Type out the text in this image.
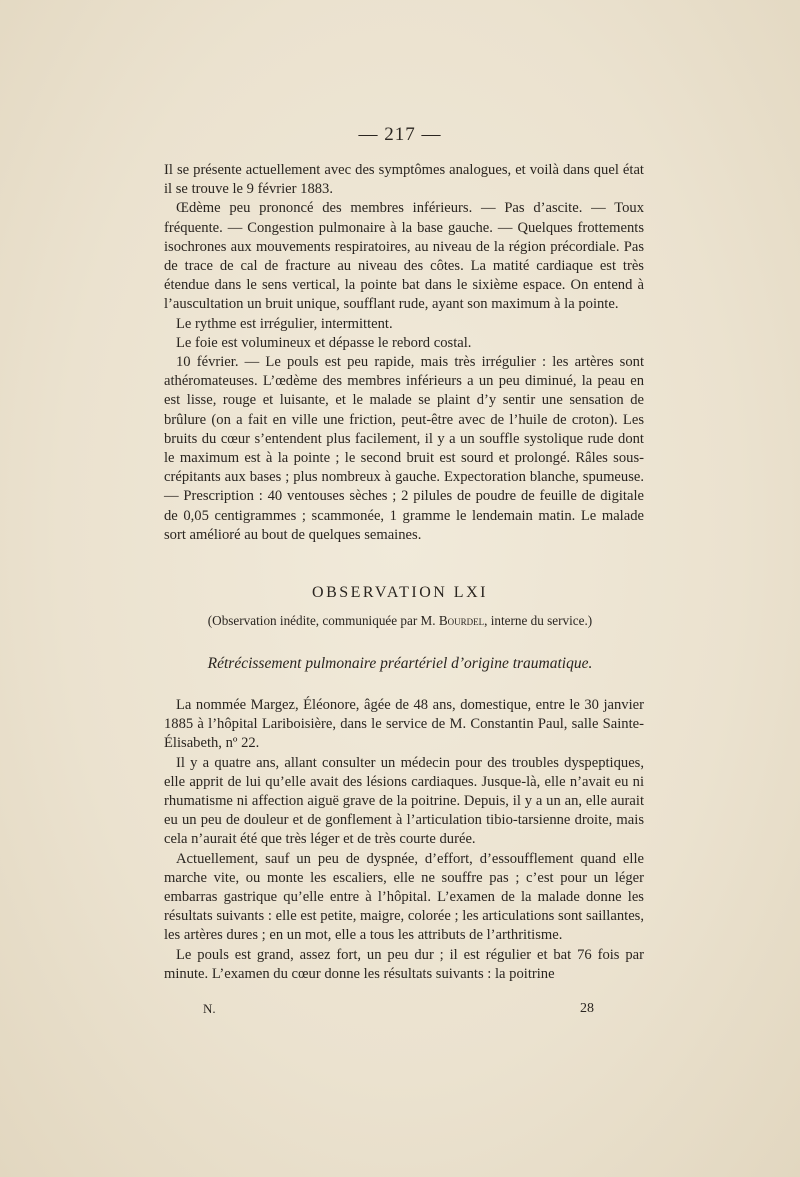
— 217 —

Il se présente actuellement avec des symptômes analogues, et voilà dans quel état il se trouve le 9 février 1883.

Œdème peu prononcé des membres inférieurs. — Pas d’ascite. — Toux fréquente. — Congestion pulmonaire à la base gauche. — Quelques frottements isochrones aux mouvements respiratoires, au niveau de la région précordiale. Pas de trace de cal de fracture au niveau des côtes. La matité cardiaque est très étendue dans le sens vertical, la pointe bat dans le sixième espace. On entend à l’auscultation un bruit unique, soufflant rude, ayant son maximum à la pointe.

Le rythme est irrégulier, intermittent.

Le foie est volumineux et dépasse le rebord costal.

10 février. — Le pouls est peu rapide, mais très irrégulier : les artères sont athéromateuses. L’œdème des membres inférieurs a un peu diminué, la peau en est lisse, rouge et luisante, et le malade se plaint d’y sentir une sensation de brûlure (on a fait en ville une friction, peut-être avec de l’huile de croton). Les bruits du cœur s’entendent plus facilement, il y a un souffle systolique rude dont le maximum est à la pointe ; le second bruit est sourd et prolongé. Râles sous-crépitants aux bases ; plus nombreux à gauche. Expectoration blanche, spumeuse. — Prescription : 40 ventouses sèches ; 2 pilules de poudre de feuille de digitale de 0,05 centigrammes ; scammonée, 1 gramme le lendemain matin. Le malade sort amélioré au bout de quelques semaines.

OBSERVATION LXI
(Observation inédite, communiquée par M. Bourdel, interne du service.)
Rétrécissement pulmonaire préartériel d’origine traumatique.

La nommée Margez, Éléonore, âgée de 48 ans, domestique, entre le 30 janvier 1885 à l’hôpital Lariboisière, dans le service de M. Constantin Paul, salle Sainte-Élisabeth, nº 22.

Il y a quatre ans, allant consulter un médecin pour des troubles dyspeptiques, elle apprit de lui qu’elle avait des lésions cardiaques. Jusque-là, elle n’avait eu ni rhumatisme ni affection aiguë grave de la poitrine. Depuis, il y a un an, elle aurait eu un peu de douleur et de gonflement à l’articulation tibio-tarsienne droite, mais cela n’aurait été que très léger et de très courte durée.

Actuellement, sauf un peu de dyspnée, d’effort, d’essoufflement quand elle marche vite, ou monte les escaliers, elle ne souffre pas ; c’est pour un léger embarras gastrique qu’elle entre à l’hôpital. L’examen de la malade donne les résultats suivants : elle est petite, maigre, colorée ; les articulations sont saillantes, les artères dures ; en un mot, elle a tous les attributs de l’arthritisme.

Le pouls est grand, assez fort, un peu dur ; il est régulier et bat 76 fois par minute. L’examen du cœur donne les résultats suivants : la poitrine

N.	28
